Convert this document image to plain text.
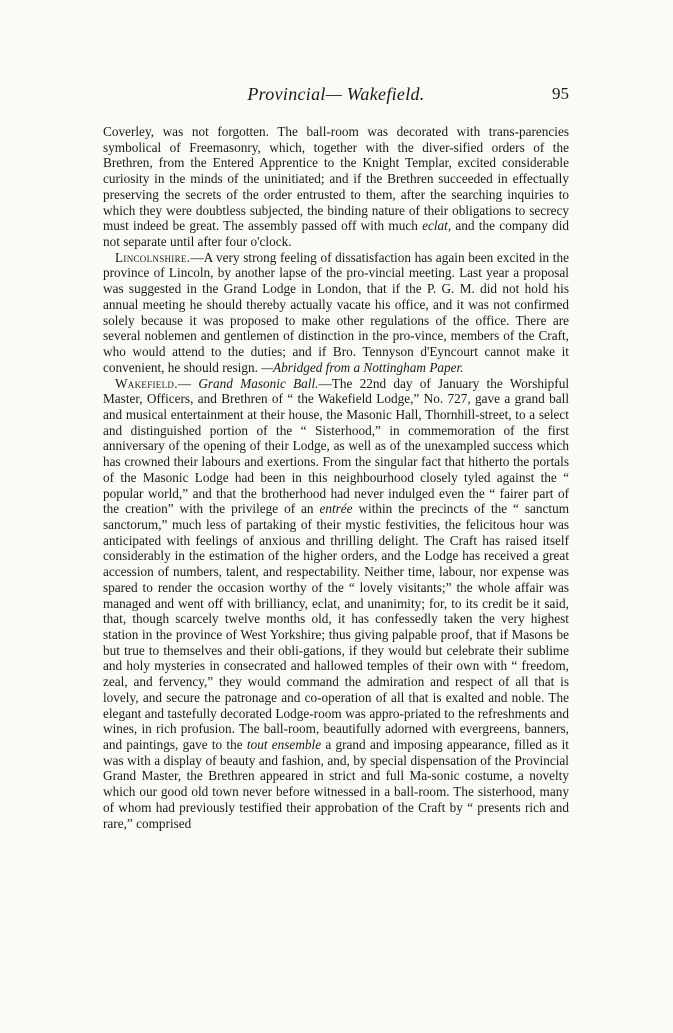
Provincial— Wakefield.	95

Coverley, was not forgotten. The ball-room was decorated with trans-parencies symbolical of Freemasonry, which, together with the diver-sified orders of the Brethren, from the Entered Apprentice to the Knight Templar, excited considerable curiosity in the minds of the uninitiated; and if the Brethren succeeded in effectually preserving the secrets of the order entrusted to them, after the searching inquiries to which they were doubtless subjected, the binding nature of their obligations to secrecy must indeed be great. The assembly passed off with much eclat, and the company did not separate until after four o'clock.

Lincolnshire.—A very strong feeling of dissatisfaction has again been excited in the province of Lincoln, by another lapse of the pro-vincial meeting. Last year a proposal was suggested in the Grand Lodge in London, that if the P. G. M. did not hold his annual meeting he should thereby actually vacate his office, and it was not confirmed solely because it was proposed to make other regulations of the office. There are several noblemen and gentlemen of distinction in the pro-vince, members of the Craft, who would attend to the duties; and if Bro. Tennyson d'Eyncourt cannot make it convenient, he should resign. —Abridged from a Nottingham Paper.

Wakefield.— Grand Masonic Ball.—The 22nd day of January the Worshipful Master, Officers, and Brethren of “ the Wakefield Lodge,” No. 727, gave a grand ball and musical entertainment at their house, the Masonic Hall, Thornhill-street, to a select and distinguished portion of the “ Sisterhood,” in commemoration of the first anniversary of the opening of their Lodge, as well as of the unexampled success which has crowned their labours and exertions. From the singular fact that hitherto the portals of the Masonic Lodge had been in this neighbourhood closely tyled against the “ popular world,” and that the brotherhood had never indulged even the “ fairer part of the creation” with the privilege of an entrée within the precincts of the “ sanctum sanctorum,” much less of partaking of their mystic festivities, the felicitous hour was anticipated with feelings of anxious and thrilling delight. The Craft has raised itself considerably in the estimation of the higher orders, and the Lodge has received a great accession of numbers, talent, and respectability. Neither time, labour, nor expense was spared to render the occasion worthy of the “ lovely visitants;” the whole affair was managed and went off with brilliancy, eclat, and unanimity; for, to its credit be it said, that, though scarcely twelve months old, it has confessedly taken the very highest station in the province of West Yorkshire; thus giving palpable proof, that if Masons be but true to themselves and their obli-gations, if they would but celebrate their sublime and holy mysteries in consecrated and hallowed temples of their own with “ freedom, zeal, and fervency,” they would command the admiration and respect of all that is lovely, and secure the patronage and co-operation of all that is exalted and noble. The elegant and tastefully decorated Lodge-room was appro-priated to the refreshments and wines, in rich profusion. The ball-room, beautifully adorned with evergreens, banners, and paintings, gave to the tout ensemble a grand and imposing appearance, filled as it was with a display of beauty and fashion, and, by special dispensation of the Provincial Grand Master, the Brethren appeared in strict and full Ma-sonic costume, a novelty which our good old town never before witnessed in a ball-room. The sisterhood, many of whom had previously testified their approbation of the Craft by “ presents rich and rare,” comprised
